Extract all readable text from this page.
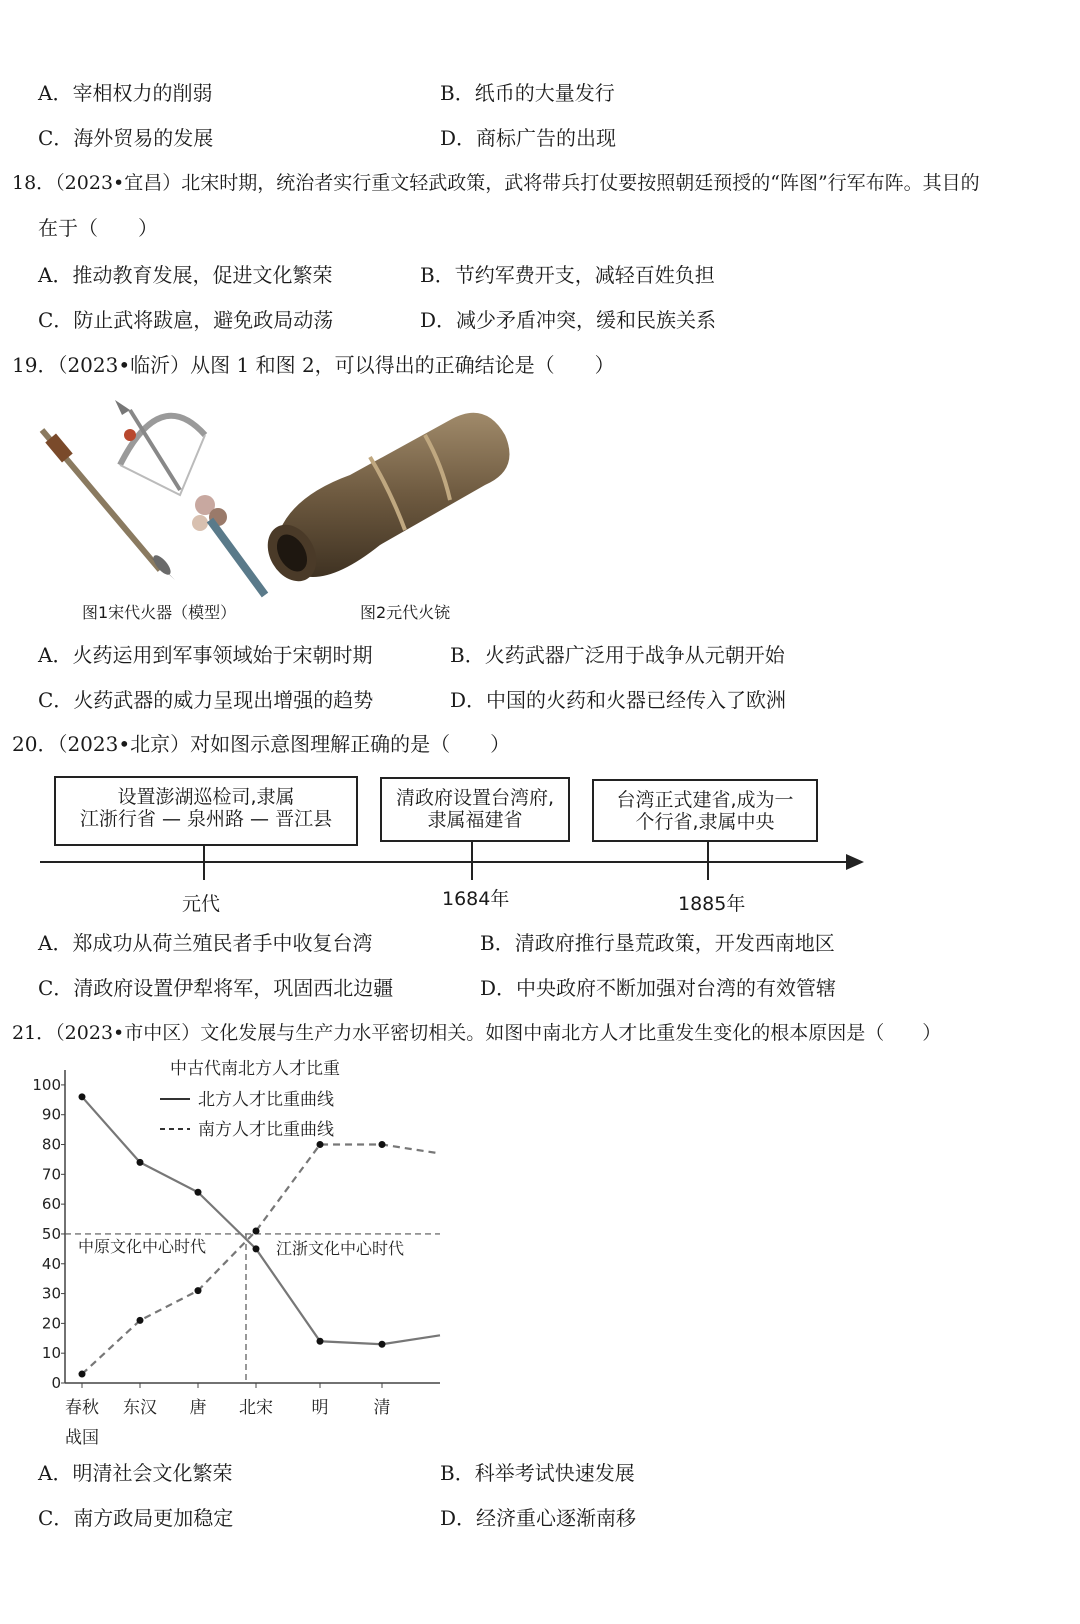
A．宰相权力的削弱	B．纸币的大量发行
C．海外贸易的发展	D．商标广告的出现
18．（2023•宜昌）北宋时期，统治者实行重文轻武政策，武将带兵打仗要按照朝廷预授的“阵图”行军布阵。其目的
在于（　　）
A．推动教育发展，促进文化繁荣	B．节约军费开支，减轻百姓负担
C．防止武将跋扈，避免政局动荡	D．减少矛盾冲突，缓和民族关系
19．（2023•临沂）从图 1 和图 2，可以得出的正确结论是（　　）
图1宋代火器（模型）	图2元代火铳
A．火药运用到军事领域始于宋朝时期	B．火药武器广泛用于战争从元朝开始
C．火药武器的威力呈现出增强的趋势	D．中国的火药和火器已经传入了欧洲
20．（2023•北京）对如图示意图理解正确的是（　　）
设置澎湖巡检司,隶属
江浙行省 — 泉州路 — 晋江县
清政府设置台湾府,
隶属福建省
台湾正式建省,成为一
个行省,隶属中央
元代	1684年	1885年
A．郑成功从荷兰殖民者手中收复台湾	B．清政府推行垦荒政策，开发西南地区
C．清政府设置伊犁将军，巩固西北边疆	D．中央政府不断加强对台湾的有效管辖
21．（2023•市中区）文化发展与生产力水平密切相关。如图中南北方人才比重发生变化的根本原因是（　　）
0
10
20
30
40
50
60
70
80
90
100
春秋
战国
东汉 唐 北宋 明	清
中原文化中心时代	江浙文化中心时代
中古代南北方人才比重
北方人才比重曲线
南方人才比重曲线
A．明清社会文化繁荣	B．科举考试快速发展
C．南方政局更加稳定	D．经济重心逐渐南移
